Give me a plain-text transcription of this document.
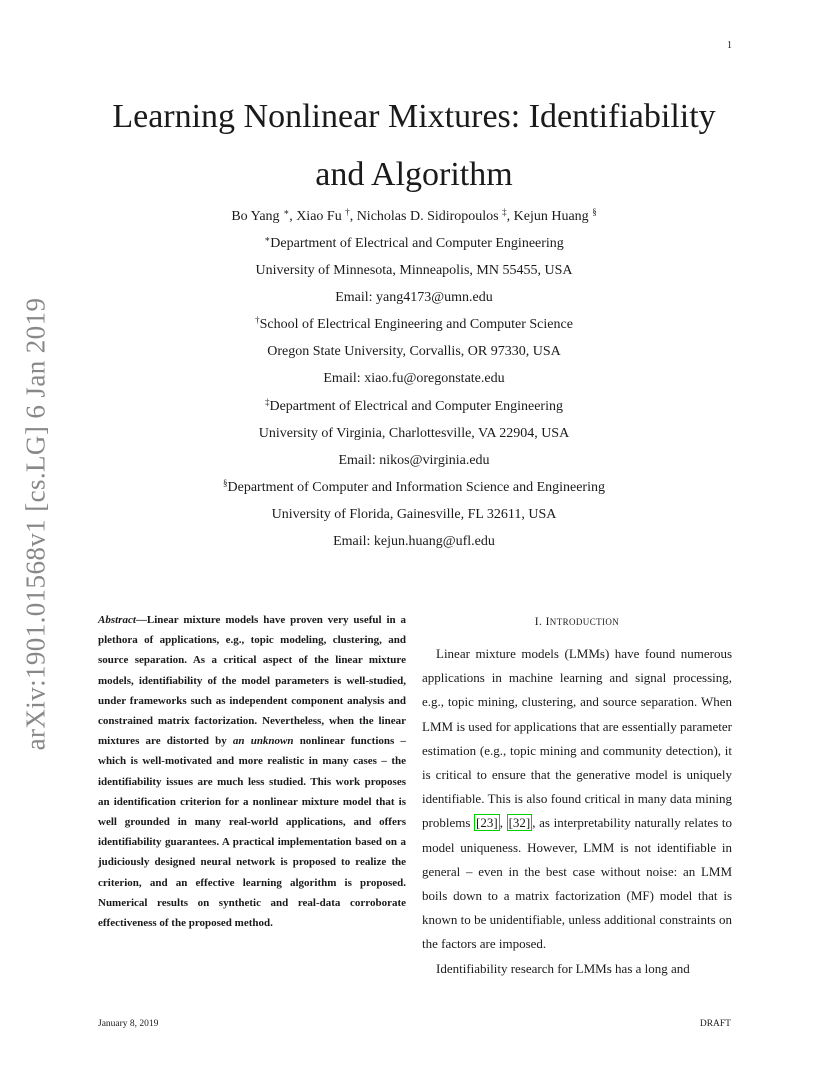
1
arXiv:1901.01568v1 [cs.LG] 6 Jan 2019
Learning Nonlinear Mixtures: Identifiability
and Algorithm
Bo Yang ∗, Xiao Fu †, Nicholas D. Sidiropoulos ‡, Kejun Huang §
∗Department of Electrical and Computer Engineering
University of Minnesota, Minneapolis, MN 55455, USA
Email: yang4173@umn.edu
†School of Electrical Engineering and Computer Science
Oregon State University, Corvallis, OR 97330, USA
Email: xiao.fu@oregonstate.edu
‡Department of Electrical and Computer Engineering
University of Virginia, Charlottesville, VA 22904, USA
Email: nikos@virginia.edu
§Department of Computer and Information Science and Engineering
University of Florida, Gainesville, FL 32611, USA
Email: kejun.huang@ufl.edu
Abstract—Linear mixture models have proven very useful in a plethora of applications, e.g., topic modeling, clustering, and source separation. As a critical aspect of the linear mixture models, identifiability of the model parameters is well-studied, under frameworks such as independent component analysis and constrained matrix factorization. Nevertheless, when the linear mixtures are distorted by an unknown nonlinear functions – which is well-motivated and more realistic in many cases – the identifiability issues are much less studied. This work proposes an identification criterion for a nonlinear mixture model that is well grounded in many real-world applications, and offers identifiability guarantees. A practical implementation based on a judiciously designed neural network is proposed to realize the criterion, and an effective learning algorithm is proposed. Numerical results on synthetic and real-data corroborate effectiveness of the proposed method.
I. INTRODUCTION

Linear mixture models (LMMs) have found numerous applications in machine learning and signal processing, e.g., topic mining, clustering, and source separation. When LMM is used for applications that are essentially parameter estimation (e.g., topic mining and community detection), it is critical to ensure that the generative model is uniquely identifiable. This is also found critical in many data mining problems [23] , [32] , as interpretability naturally relates to model uniqueness. However, LMM is not identifiable in general – even in the best case without noise: an LMM boils down to a matrix factorization (MF) model that is known to be unidentifiable, unless additional constraints on the factors are imposed.

Identifiability research for LMMs has a long and

January 8, 2019	DRAFT
